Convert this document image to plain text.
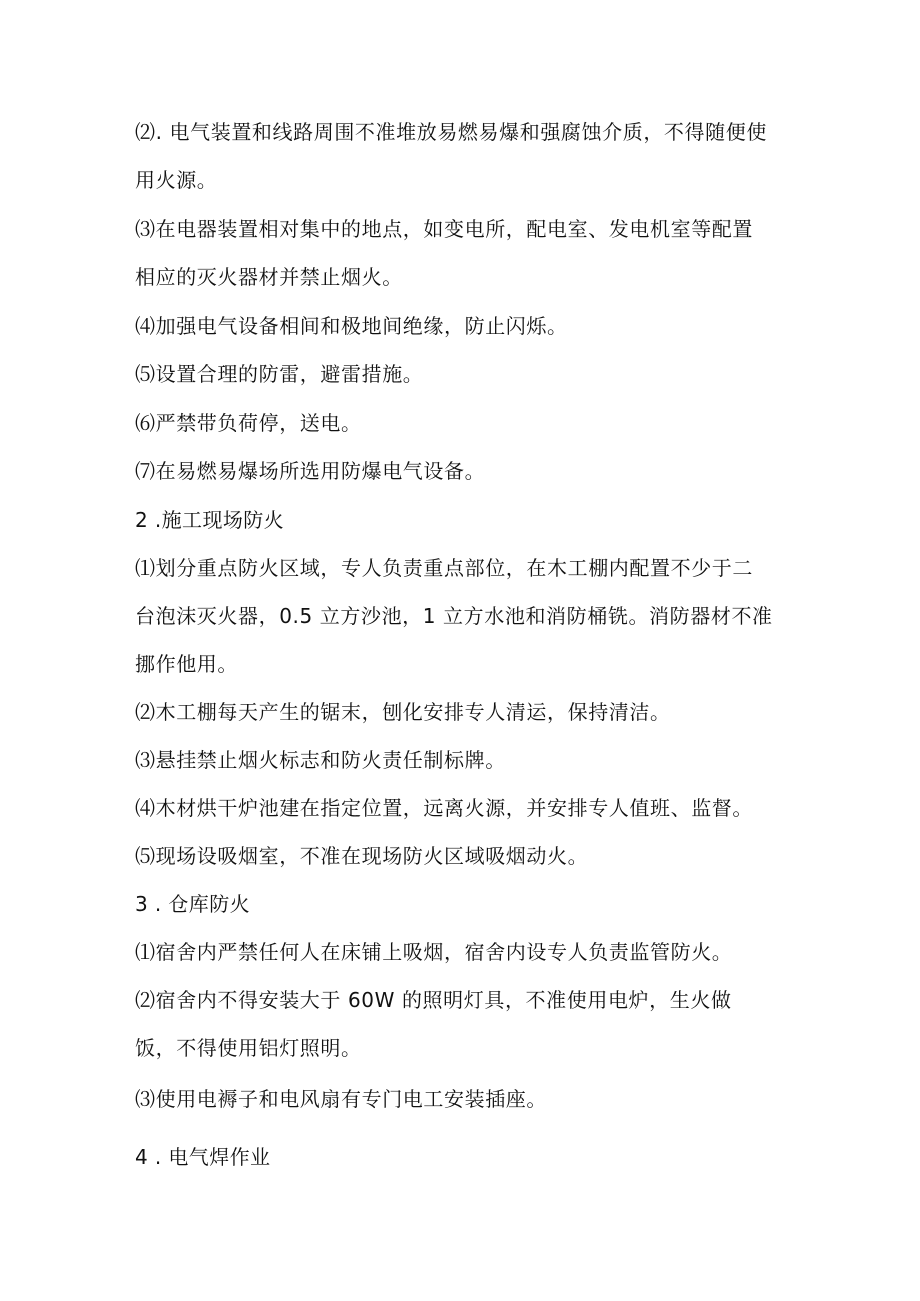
⑵. 电气装置和线路周围不准堆放易燃易爆和强腐蚀介质，不得随便使
用火源。
⑶在电器装置相对集中的地点，如变电所，配电室、发电机室等配置
相应的灭火器材并禁止烟火。
⑷加强电气设备相间和极地间绝缘，防止闪烁。
⑸设置合理的防雷，避雷措施。
⑹严禁带负荷停，送电。
⑺在易燃易爆场所选用防爆电气设备。
2 .施工现场防火
⑴划分重点防火区域，专人负责重点部位，在木工棚内配置不少于二
台泡沫灭火器，0.5 立方沙池，1 立方水池和消防桶铣。消防器材不准
挪作他用。
⑵木工棚每天产生的锯末，刨化安排专人清运，保持清洁。
⑶悬挂禁止烟火标志和防火责任制标牌。
⑷木材烘干炉池建在指定位置，远离火源，并安排专人值班、监督。
⑸现场设吸烟室，不准在现场防火区域吸烟动火。
3 . 仓库防火
⑴宿舍内严禁任何人在床铺上吸烟，宿舍内设专人负责监管防火。
⑵宿舍内不得安装大于 60W 的照明灯具，不准使用电炉，生火做
饭，不得使用铝灯照明。
⑶使用电褥子和电风扇有专门电工安装插座。
4 . 电气焊作业
